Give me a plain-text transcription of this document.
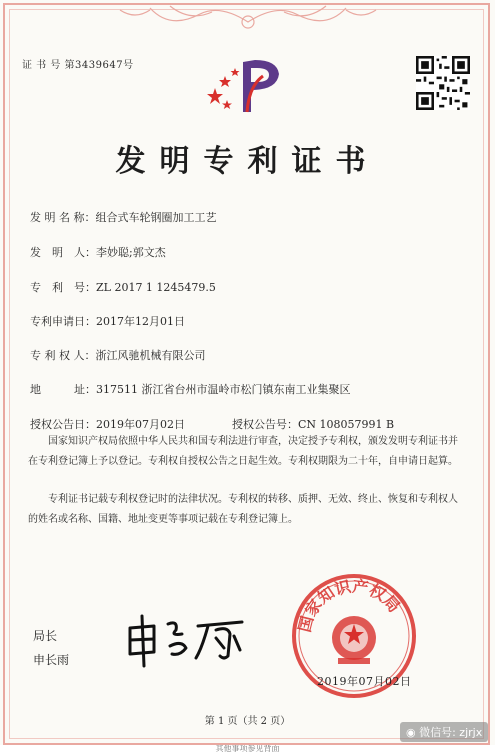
证 书 号 第3439647号
发明专利证书
发 明 名 称：组合式车轮钢圈加工工艺
发　明　人：李妙聪;郭文杰
专　利　号：ZL 2017 1 1245479.5
专利申请日：2017年12月01日
专 利 权 人：浙江风驰机械有限公司
地　　　址：317511 浙江省台州市温岭市松门镇东南工业集聚区
授权公告日：2019年07月02日	授权公告号：CN 108057991 B
国家知识产权局依照中华人民共和国专利法进行审查，决定授予专利权，颁发发明专利证书并在专利登记簿上予以登记。专利权自授权公告之日起生效。专利权期限为二十年，自申请日起算。
专利证书记载专利权登记时的法律状况。专利权的转移、质押、无效、终止、恢复和专利权人的姓名或名称、国籍、地址变更等事项记载在专利登记簿上。
局长
申长雨
国家知识产权局
2019年07月02日
第 1 页（共 2 页）
◉ 微信号: zjrjx
其他事项参见背面
